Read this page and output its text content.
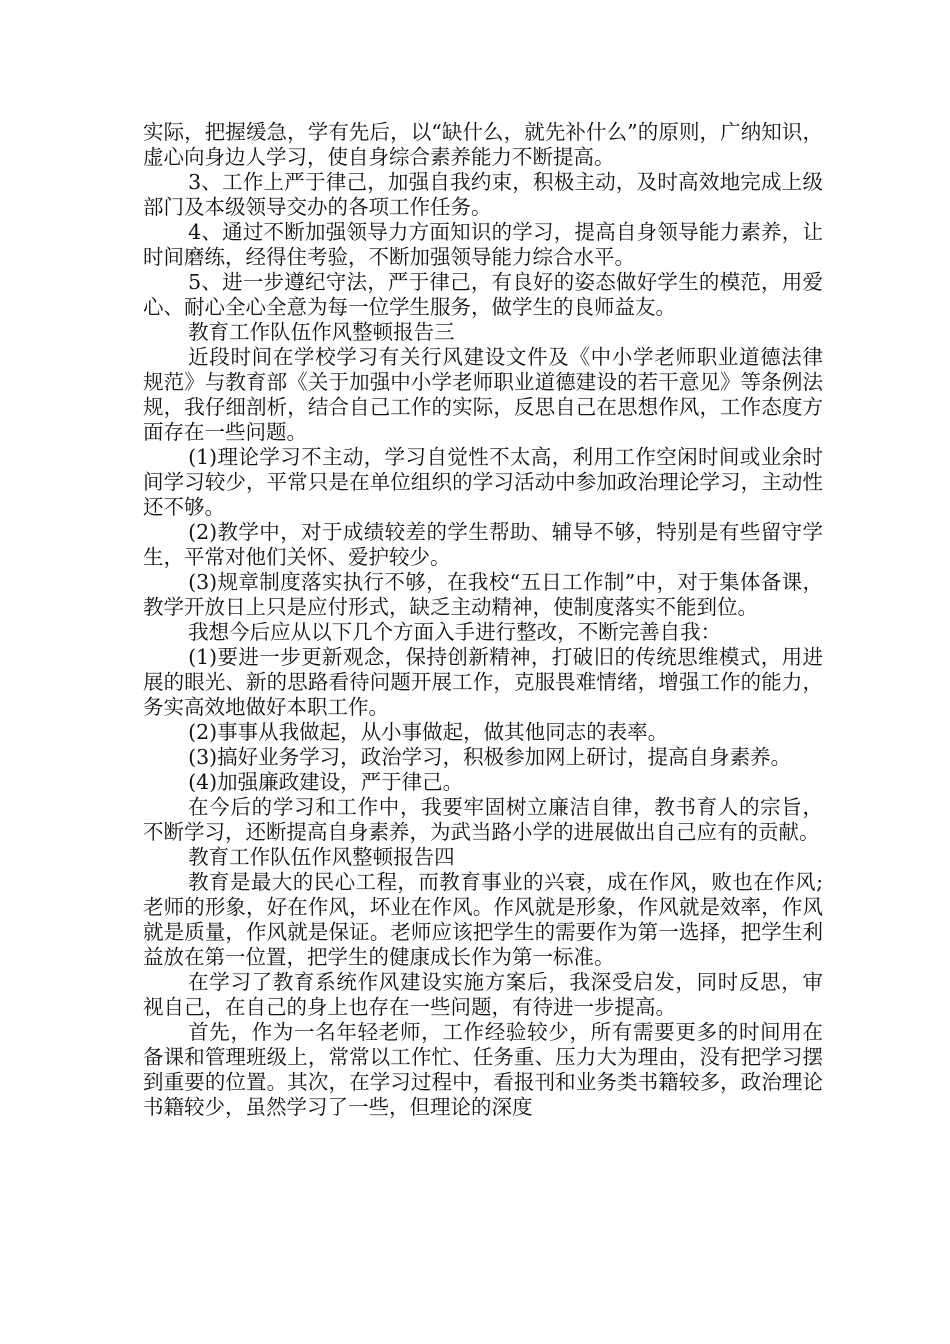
实际，把握缓急，学有先后，以“缺什么，就先补什么”的原则，广纳知识，虚心向身边人学习，使自身综合素养能力不断提高。

3、工作上严于律己，加强自我约束，积极主动，及时高效地完成上级部门及本级领导交办的各项工作任务。

4、通过不断加强领导力方面知识的学习，提高自身领导能力素养，让时间磨练，经得住考验，不断加强领导能力综合水平。

5、进一步遵纪守法，严于律己，有良好的姿态做好学生的模范，用爱心、耐心全心全意为每一位学生服务，做学生的良师益友。

教育工作队伍作风整顿报告三

近段时间在学校学习有关行风建设文件及《中小学老师职业道德法律规范》与教育部《关于加强中小学老师职业道德建设的若干意见》等条例法规，我仔细剖析，结合自己工作的实际，反思自己在思想作风，工作态度方面存在一些问题。

(1)理论学习不主动，学习自觉性不太高，利用工作空闲时间或业余时间学习较少，平常只是在单位组织的学习活动中参加政治理论学习，主动性还不够。

(2)教学中，对于成绩较差的学生帮助、辅导不够，特别是有些留守学生，平常对他们关怀、爱护较少。

(3)规章制度落实执行不够，在我校“五日工作制”中，对于集体备课，教学开放日上只是应付形式，缺乏主动精神，使制度落实不能到位。

我想今后应从以下几个方面入手进行整改，不断完善自我：

(1)要进一步更新观念，保持创新精神，打破旧的传统思维模式，用进展的眼光、新的思路看待问题开展工作，克服畏难情绪，增强工作的能力，务实高效地做好本职工作。

(2)事事从我做起，从小事做起，做其他同志的表率。

(3)搞好业务学习，政治学习，积极参加网上研讨，提高自身素养。

(4)加强廉政建设，严于律己。

在今后的学习和工作中，我要牢固树立廉洁自律，教书育人的宗旨，不断学习，还断提高自身素养，为武当路小学的进展做出自己应有的贡献。

教育工作队伍作风整顿报告四

教育是最大的民心工程，而教育事业的兴衰，成在作风，败也在作风;老师的形象，好在作风，坏业在作风。作风就是形象，作风就是效率，作风就是质量，作风就是保证。老师应该把学生的需要作为第一选择，把学生利益放在第一位置，把学生的健康成长作为第一标准。

在学习了教育系统作风建设实施方案后，我深受启发，同时反思，审视自己，在自己的身上也存在一些问题，有待进一步提高。

首先，作为一名年轻老师，工作经验较少，所有需要更多的时间用在备课和管理班级上，常常以工作忙、任务重、压力大为理由，没有把学习摆到重要的位置。其次，在学习过程中，看报刊和业务类书籍较多，政治理论书籍较少，虽然学习了一些，但理论的深度
